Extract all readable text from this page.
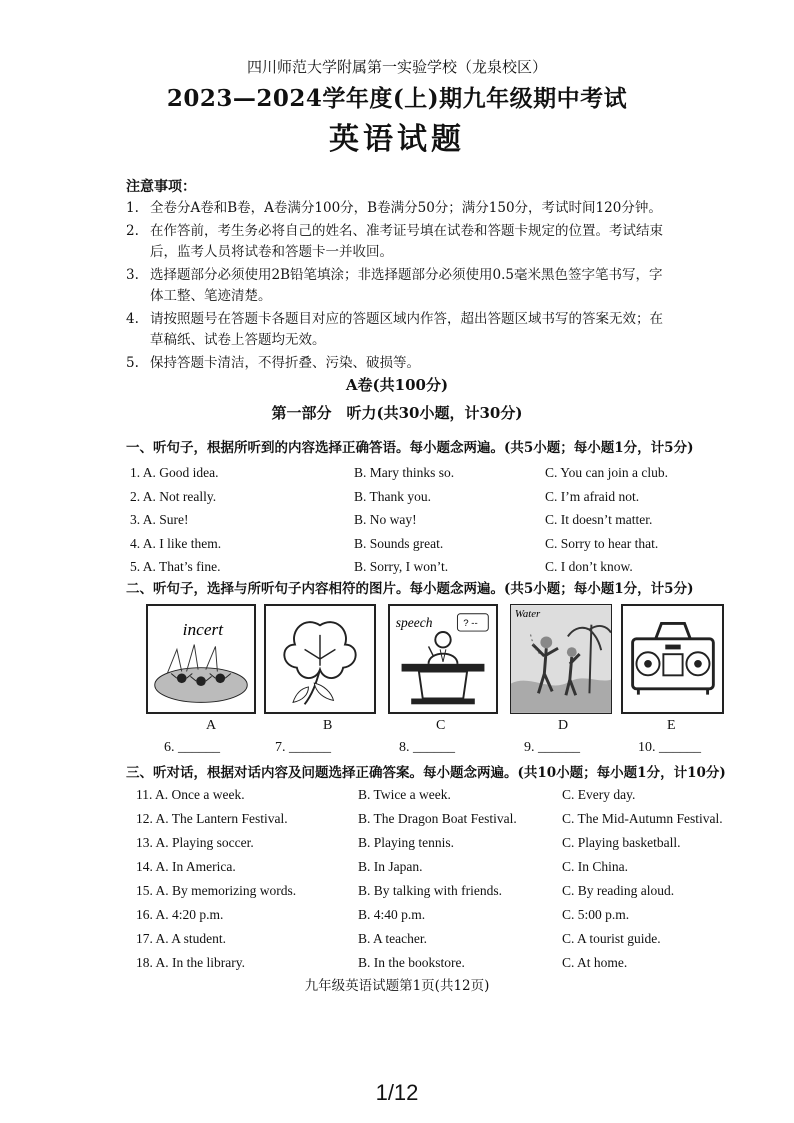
四川师范大学附属第一实验学校（龙泉校区）
2023—2024学年度(上)期九年级期中考试
英语试题
注意事项：
1. 全卷分A卷和B卷，A卷满分100分，B卷满分50分；满分150分，考试时间120分钟。
2. 在作答前，考生务必将自己的姓名、准考证号填在试卷和答题卡规定的位置。考试结束
后，监考人员将试卷和答题卡一并收回。
3. 选择题部分必须使用2B铅笔填涂；非选择题部分必须使用0.5毫米黑色签字笔书写，字
体工整、笔迹清楚。
4. 请按照题号在答题卡各题目对应的答题区域内作答，超出答题区域书写的答案无效；在
草稿纸、试卷上答题均无效。
5. 保持答题卡清洁，不得折叠、污染、破损等。
A卷(共100分)
第一部分　听力(共30小题，计30分)
一、听句子，根据所听到的内容选择正确答语。每小题念两遍。(共5小题；每小题1分，计5分)
1. A. Good idea.	B. Mary thinks so.	C. You can join a club.
2. A. Not really.	B. Thank you.	C. I’m afraid not.
3. A. Sure!	B. No way!	C. It doesn’t matter.
4. A. I like them.	B. Sounds great.	C. Sorry to hear that.
5. A. That’s fine.	B. Sorry, I won’t.	C. I don’t know.
二、听句子，选择与所听句子内容相符的图片。每小题念两遍。(共5小题；每小题1分，计5分)
incert	speech	? --
Water
A	B	C	D	E
6. ______	7. ______	8. ______	9. ______	10. ______
三、听对话，根据对话内容及问题选择正确答案。每小题念两遍。(共10小题；每小题1分，计10分)
11. A. Once a week.	B. Twice a week.	C. Every day.
12. A. The Lantern Festival.	B. The Dragon Boat Festival.	C. The Mid-Autumn Festival.
13. A. Playing soccer.	B. Playing tennis.	C. Playing basketball.
14. A. In America.	B. In Japan.	C. In China.
15. A. By memorizing words.	B. By talking with friends.	C. By reading aloud.
16. A. 4:20 p.m.	B. 4:40 p.m.	C. 5:00 p.m.
17. A. A student.	B. A teacher.	C. A tourist guide.
18. A. In the library.	B. In the bookstore.	C. At home.
九年级英语试题第1页(共12页)
1/12
